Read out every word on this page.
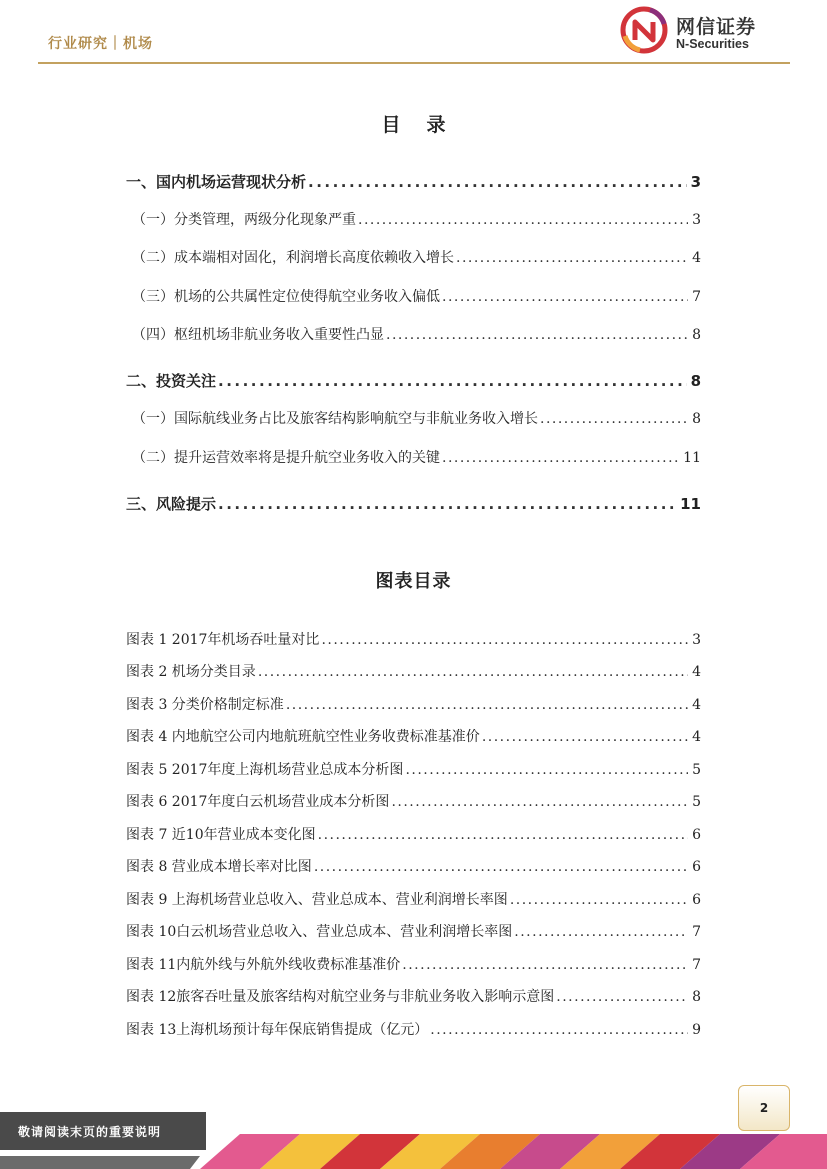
行业研究｜机场
网信证券
N-Securities
目录
一、国内机场运营现状分析 .....	3
（一）分类管理，两级分化现象严重 .....	3
（二）成本端相对固化，利润增长高度依赖收入增长 .....	4
（三）机场的公共属性定位使得航空业务收入偏低 .....	7
（四）枢纽机场非航业务收入重要性凸显 .....	8
二、投资关注 .....	8
（一）国际航线业务占比及旅客结构影响航空与非航业务收入增长 .....	8
（二）提升运营效率将是提升航空业务收入的关键 .....	11
三、风险提示 .....	11
图表目录
图表 1 2017年机场吞吐量对比 .....	3
图表 2 机场分类目录 .....	4
图表 3 分类价格制定标准 .....	4
图表 4 内地航空公司内地航班航空性业务收费标准基准价 .....	4
图表 5 2017年度上海机场营业总成本分析图 .....	5
图表 6 2017年度白云机场营业成本分析图 .....	5
图表 7 近10年营业成本变化图 .....	6
图表 8 营业成本增长率对比图 .....	6
图表 9 上海机场营业总收入、营业总成本、营业利润增长率图 .....	6
图表 10白云机场营业总收入、营业总成本、营业利润增长率图 .....	7
图表 11内航外线与外航外线收费标准基准价 .....	7
图表 12旅客吞吐量及旅客结构对航空业务与非航业务收入影响示意图 .....	8
图表 13上海机场预计每年保底销售提成（亿元） .....	9
2
敬请阅读末页的重要说明
